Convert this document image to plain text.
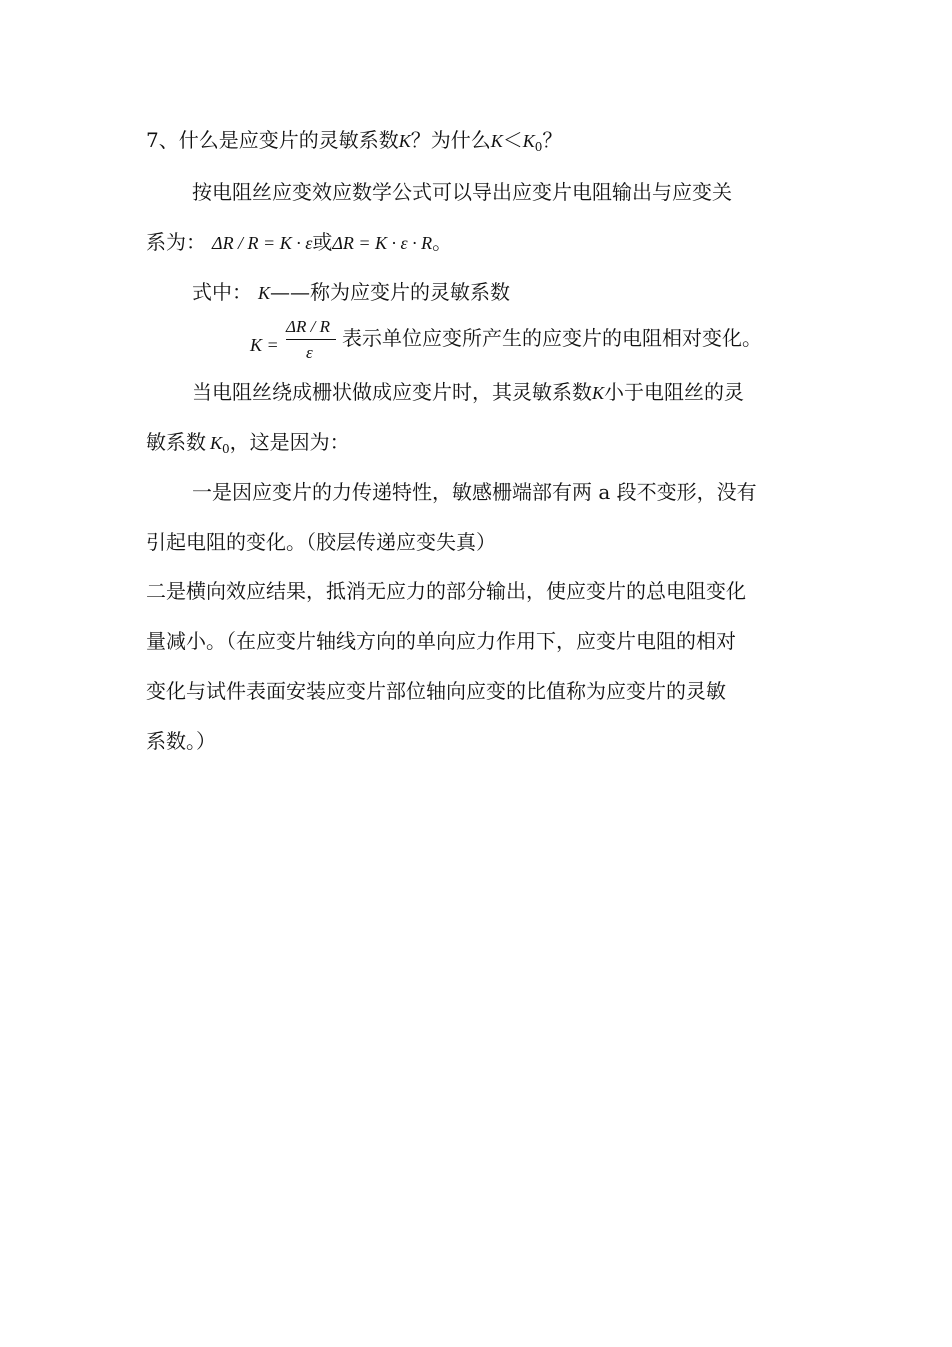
7、什么是应变片的灵敏系数K？为什么$K<K_0$？
按电阻丝应变效应数学公式可以导出应变片电阻输出与应变关
系为： ΔR / R = K · ε或ΔR = K · ε · R。
式中： K——称为应变片的灵敏系数
K =
ΔR / R
ε
表示单位应变所产生的应变片的电阻相对变化。
当电阻丝绕成栅状做成应变片时，其灵敏系数K小于电阻丝的灵
敏系数 $K_0$，这是因为：
一是因应变片的力传递特性，敏感栅端部有两 a 段不变形，没有
引起电阻的变化。（胶层传递应变失真）
二是横向效应结果，抵消无应力的部分输出，使应变片的总电阻变化
量减小。（在应变片轴线方向的单向应力作用下，应变片电阻的相对
变化与试件表面安装应变片部位轴向应变的比值称为应变片的灵敏
系数。）
